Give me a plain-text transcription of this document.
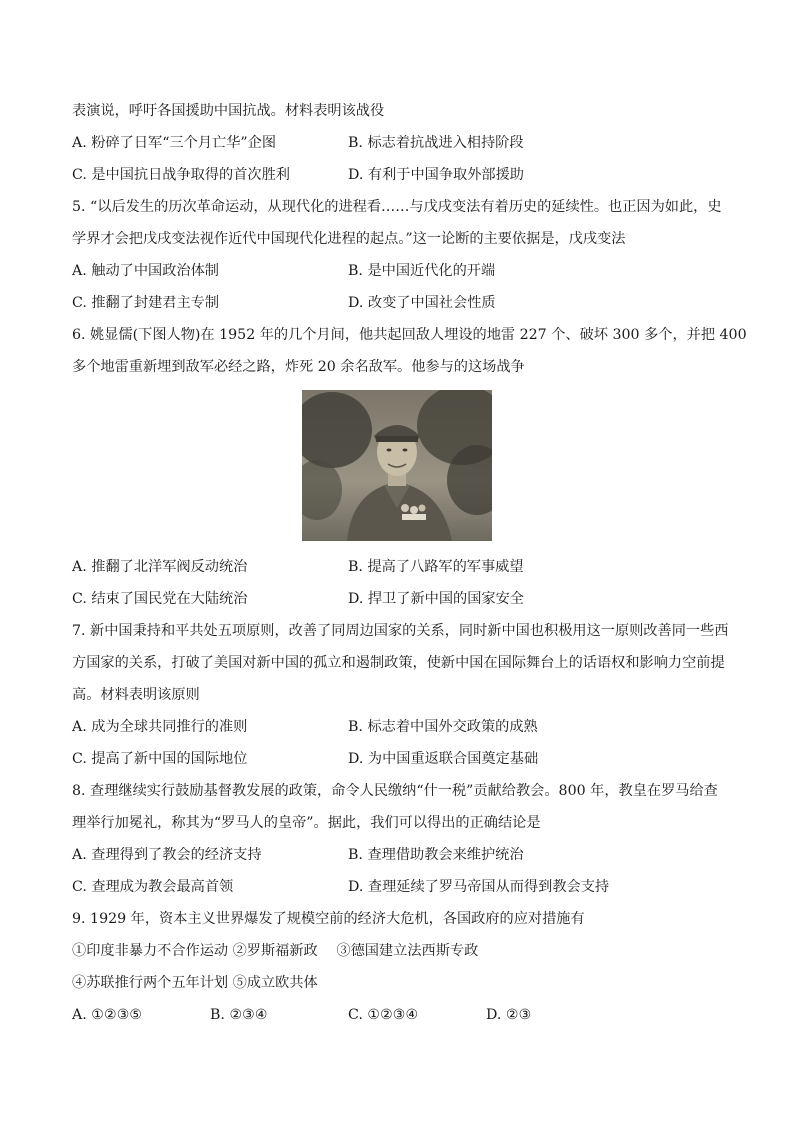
表演说，呼吁各国援助中国抗战。材料表明该战役
A. 粉碎了日军“三个月亡华”企图	B. 标志着抗战进入相持阶段
C. 是中国抗日战争取得的首次胜利	D. 有利于中国争取外部援助
5. “以后发生的历次革命运动，从现代化的进程看……与戊戌变法有着历史的延续性。也正因为如此，史
学界才会把戊戌变法视作近代中国现代化进程的起点。”这一论断的主要依据是，戊戌变法
A. 触动了中国政治体制	B. 是中国近代化的开端
C. 推翻了封建君主专制	D. 改变了中国社会性质
6. 姚显儒(下图人物)在 1952 年的几个月间，他共起回敌人埋设的地雷 227 个、破坏 300 多个，并把 400
多个地雷重新埋到敌军必经之路，炸死 20 余名敌军。他参与的这场战争
A. 推翻了北洋军阀反动统治	B. 提高了八路军的军事威望
C. 结束了国民党在大陆统治	D. 捍卫了新中国的国家安全
7. 新中国秉持和平共处五项原则，改善了同周边国家的关系，同时新中国也积极用这一原则改善同一些西
方国家的关系，打破了美国对新中国的孤立和遏制政策，使新中国在国际舞台上的话语权和影响力空前提
高。材料表明该原则
A. 成为全球共同推行的准则	B. 标志着中国外交政策的成熟
C. 提高了新中国的国际地位	D. 为中国重返联合国奠定基础
8. 查理继续实行鼓励基督教发展的政策，命令人民缴纳“什一税”贡献给教会。800 年，教皇在罗马给查
理举行加冕礼，称其为“罗马人的皇帝”。据此，我们可以得出的正确结论是
A. 查理得到了教会的经济支持	B. 查理借助教会来维护统治
C. 查理成为教会最高首领	D. 查理延续了罗马帝国从而得到教会支持
9. 1929 年，资本主义世界爆发了规模空前的经济大危机，各国政府的应对措施有
①印度非暴力不合作运动 ②罗斯福新政　 ③德国建立法西斯专政
④苏联推行两个五年计划 ⑤成立欧共体
A. ①②③⑤	B. ②③④	C. ①②③④	D. ②③
